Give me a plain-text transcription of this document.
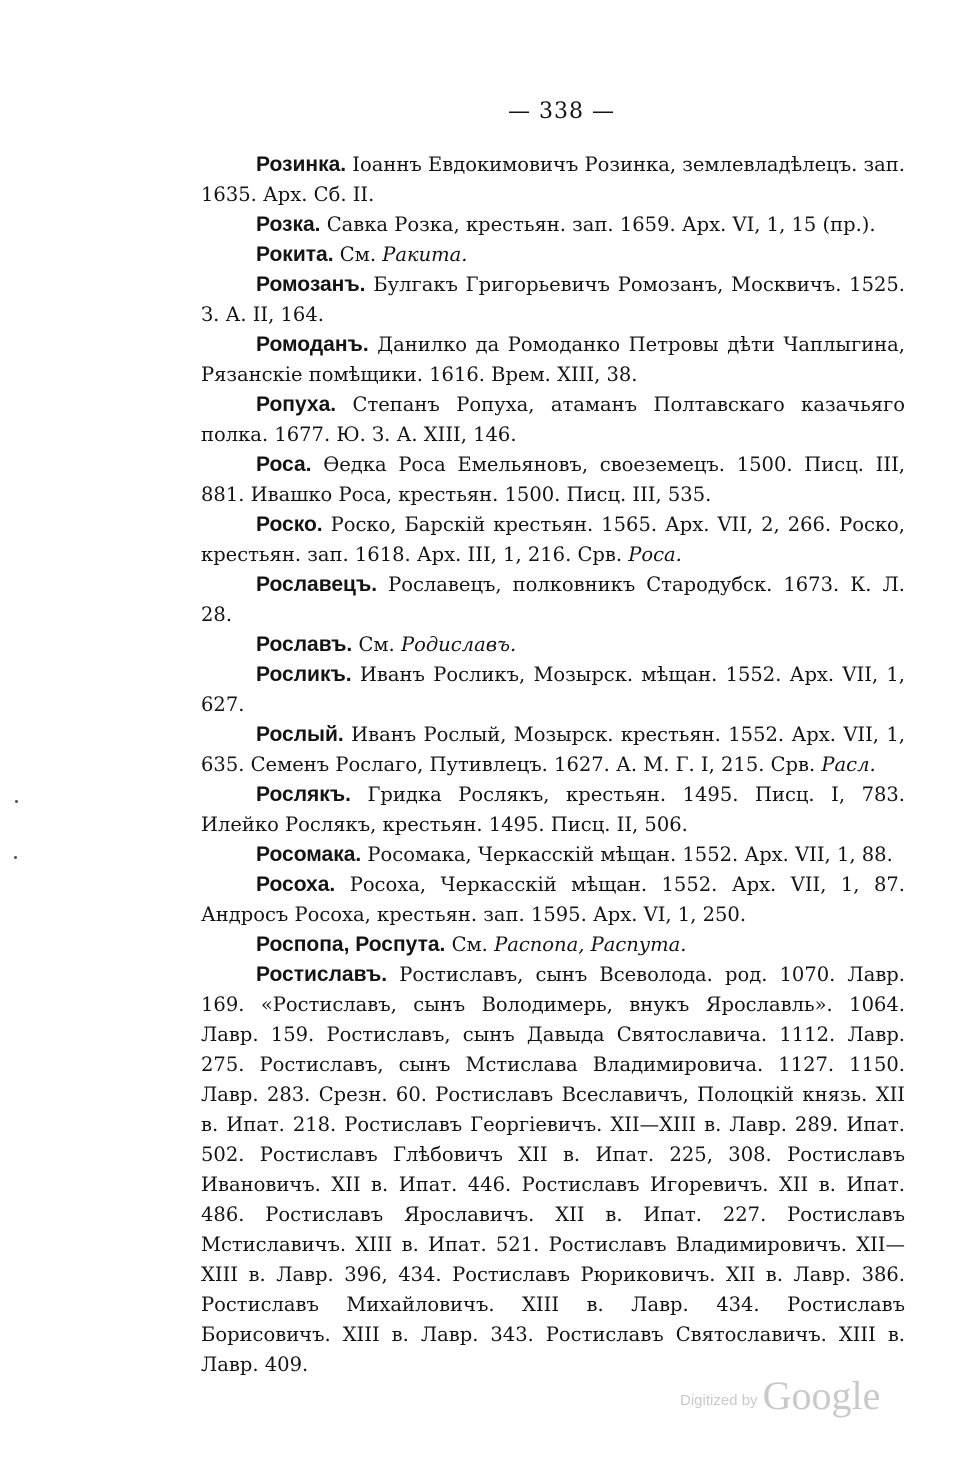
— 338 —

Розинка. Іоаннъ Евдокимовичъ Розинка, землевладѣлецъ. зап. 1635. Арх. Сб. II.

Розка. Савка Розка, крестьян. зап. 1659. Арх. VI, 1, 15 (пр.).

Рокита. См. Ракита.

Ромозанъ. Булгакъ Григорьевичъ Ромозанъ, Москвичъ. 1525. З. А. II, 164.

Ромоданъ. Данилко да Ромоданко Петровы дѣти Чаплыгина, Рязанскіе помѣщики. 1616. Врем. XIII, 38.

Ропуха. Степанъ Ропуха, атаманъ Полтавскаго казачьяго полка. 1677. Ю. З. А. XIII, 146.

Роса. Ѳедка Роса Емельяновъ, своеземецъ. 1500. Писц. III, 881. Ивашко Роса, крестьян. 1500. Писц. III, 535.

Роско. Роско, Барскій крестьян. 1565. Арх. VII, 2, 266. Роско, крестьян. зап. 1618. Арх. III, 1, 216. Срв. Роса.

Рославецъ. Рославецъ, полковникъ Стародубск. 1673. К. Л. 28.

Рославъ. См. Родиславъ.

Росликъ. Иванъ Росликъ, Мозырск. мѣщан. 1552. Арх. VII, 1, 627.

Рослый. Иванъ Рослый, Мозырск. крестьян. 1552. Арх. VII, 1, 635. Семенъ Рослаго, Путивлецъ. 1627. А. М. Г. I, 215. Срв. Расл.

Рослякъ. Гридка Рослякъ, крестьян. 1495. Писц. I, 783. Илейко Рослякъ, крестьян. 1495. Писц. II, 506.

Росомака. Росомака, Черкасскій мѣщан. 1552. Арх. VII, 1, 88.

Росоха. Росоха, Черкасскій мѣщан. 1552. Арх. VII, 1, 87. Андросъ Росоха, крестьян. зап. 1595. Арх. VI, 1, 250.

Роспопа, Роспута. См. Распопа, Распута.

Ростиславъ. Ростиславъ, сынъ Всеволода. род. 1070. Лавр. 169. «Ростиславъ, сынъ Володимерь, внукъ Ярославль». 1064. Лавр. 159. Ростиславъ, сынъ Давыда Святославича. 1112. Лавр. 275. Ростиславъ, сынъ Мстислава Владимировича. 1127. 1150. Лавр. 283. Срезн. 60. Ростиславъ Всеславичъ, Полоцкій князь. XII в. Ипат. 218. Ростиславъ Георгіевичъ. XII—XIII в. Лавр. 289. Ипат. 502. Ростиславъ Глѣбовичъ XII в. Ипат. 225, 308. Ростиславъ Ивановичъ. XII в. Ипат. 446. Ростиславъ Игоревичъ. XII в. Ипат. 486. Ростиславъ Ярославичъ. XII в. Ипат. 227. Ростиславъ Мстиславичъ. XIII в. Ипат. 521. Ростиславъ Владимировичъ. XII—XIII в. Лавр. 396, 434. Ростиславъ Рюриковичъ. XII в. Лавр. 386. Ростиславъ Михайловичъ. XIII в. Лавр. 434. Ростиславъ Борисовичъ. XIII в. Лавр. 343. Ростиславъ Святославичъ. XIII в. Лавр. 409.

Digitized by Google
